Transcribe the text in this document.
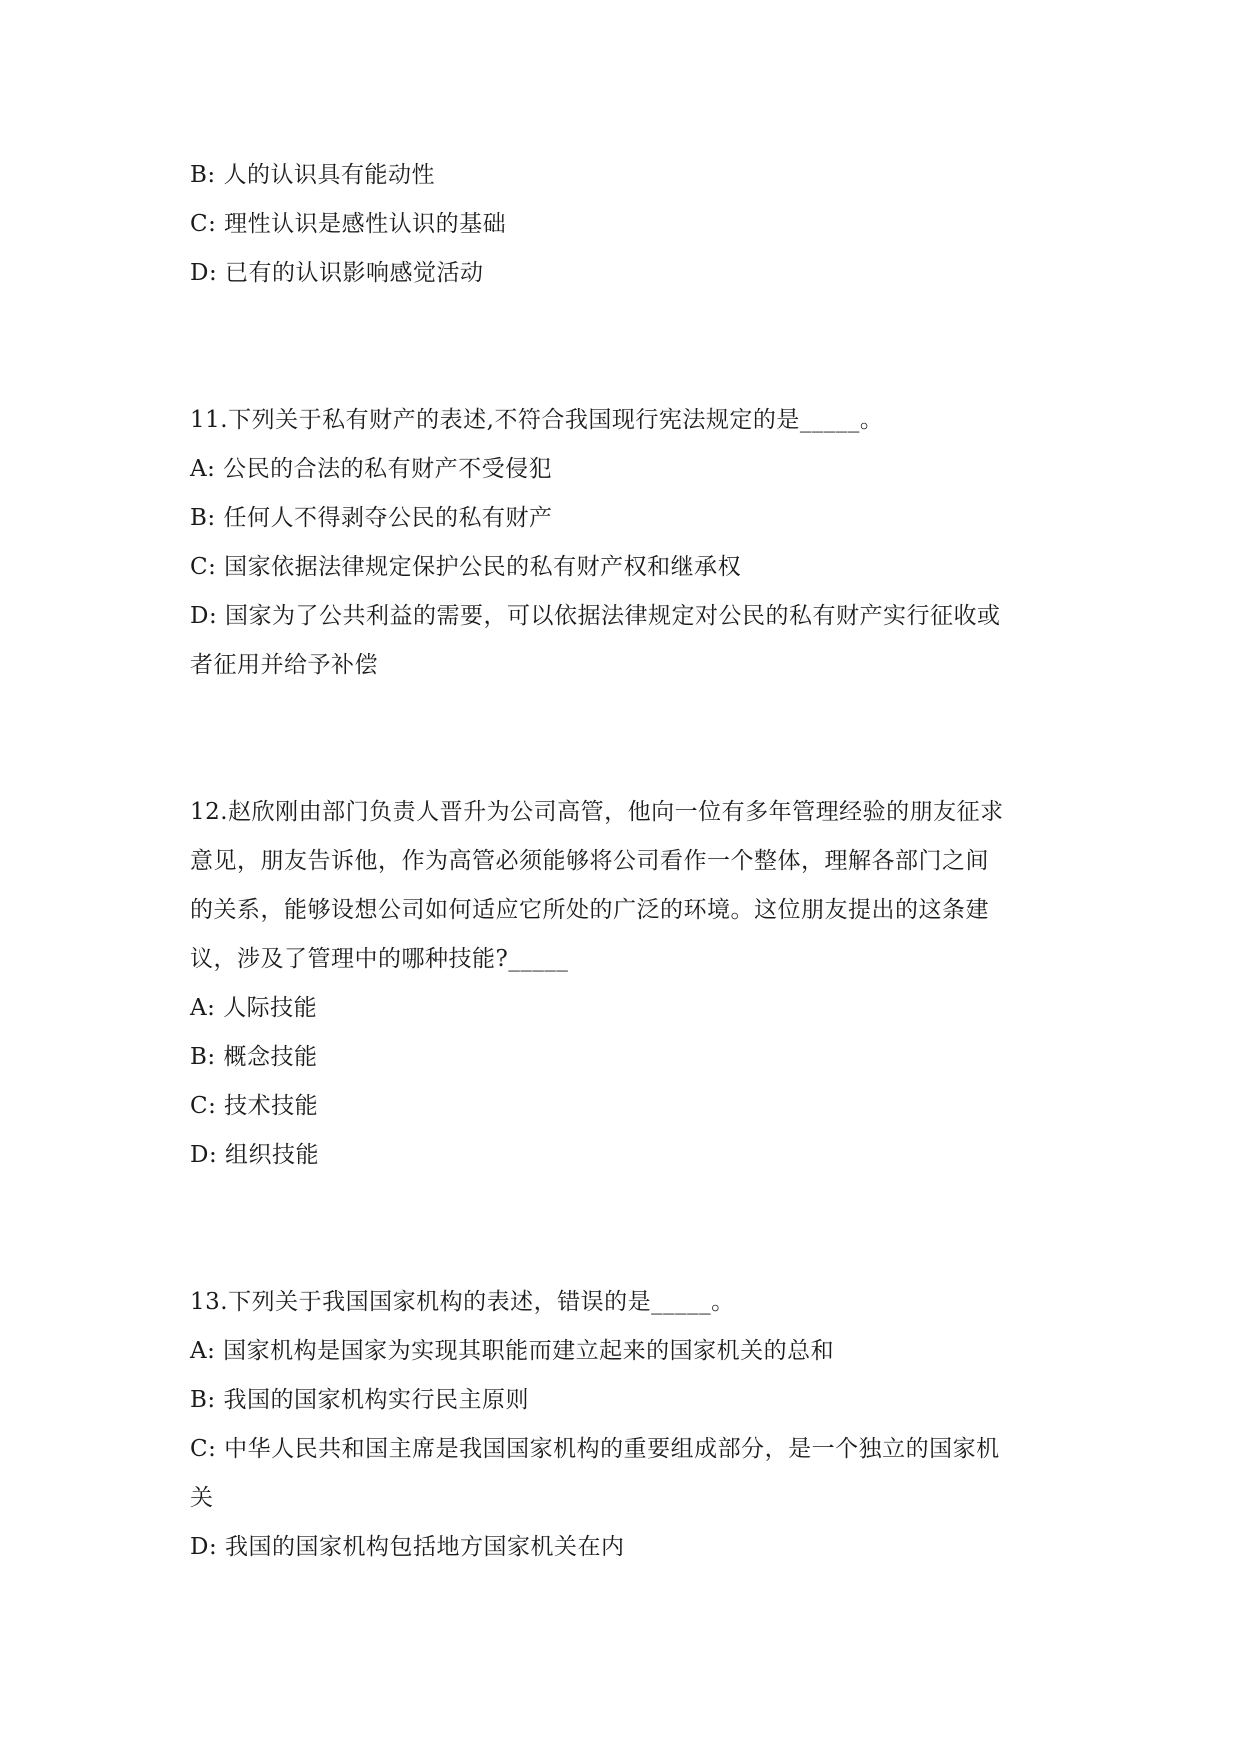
B: 人的认识具有能动性
C: 理性认识是感性认识的基础
D: 已有的认识影响感觉活动
11.下列关于私有财产的表述,不符合我国现行宪法规定的是_____。
A: 公民的合法的私有财产不受侵犯
B: 任何人不得剥夺公民的私有财产
C: 国家依据法律规定保护公民的私有财产权和继承权
D: 国家为了公共利益的需要，可以依据法律规定对公民的私有财产实行征收或
者征用并给予补偿
12.赵欣刚由部门负责人晋升为公司高管，他向一位有多年管理经验的朋友征求
意见，朋友告诉他，作为高管必须能够将公司看作一个整体，理解各部门之间
的关系，能够设想公司如何适应它所处的广泛的环境。这位朋友提出的这条建
议，涉及了管理中的哪种技能?_____
A: 人际技能
B: 概念技能
C: 技术技能
D: 组织技能
13.下列关于我国国家机构的表述，错误的是_____。
A: 国家机构是国家为实现其职能而建立起来的国家机关的总和
B: 我国的国家机构实行民主原则
C: 中华人民共和国主席是我国国家机构的重要组成部分，是一个独立的国家机
关
D: 我国的国家机构包括地方国家机关在内
